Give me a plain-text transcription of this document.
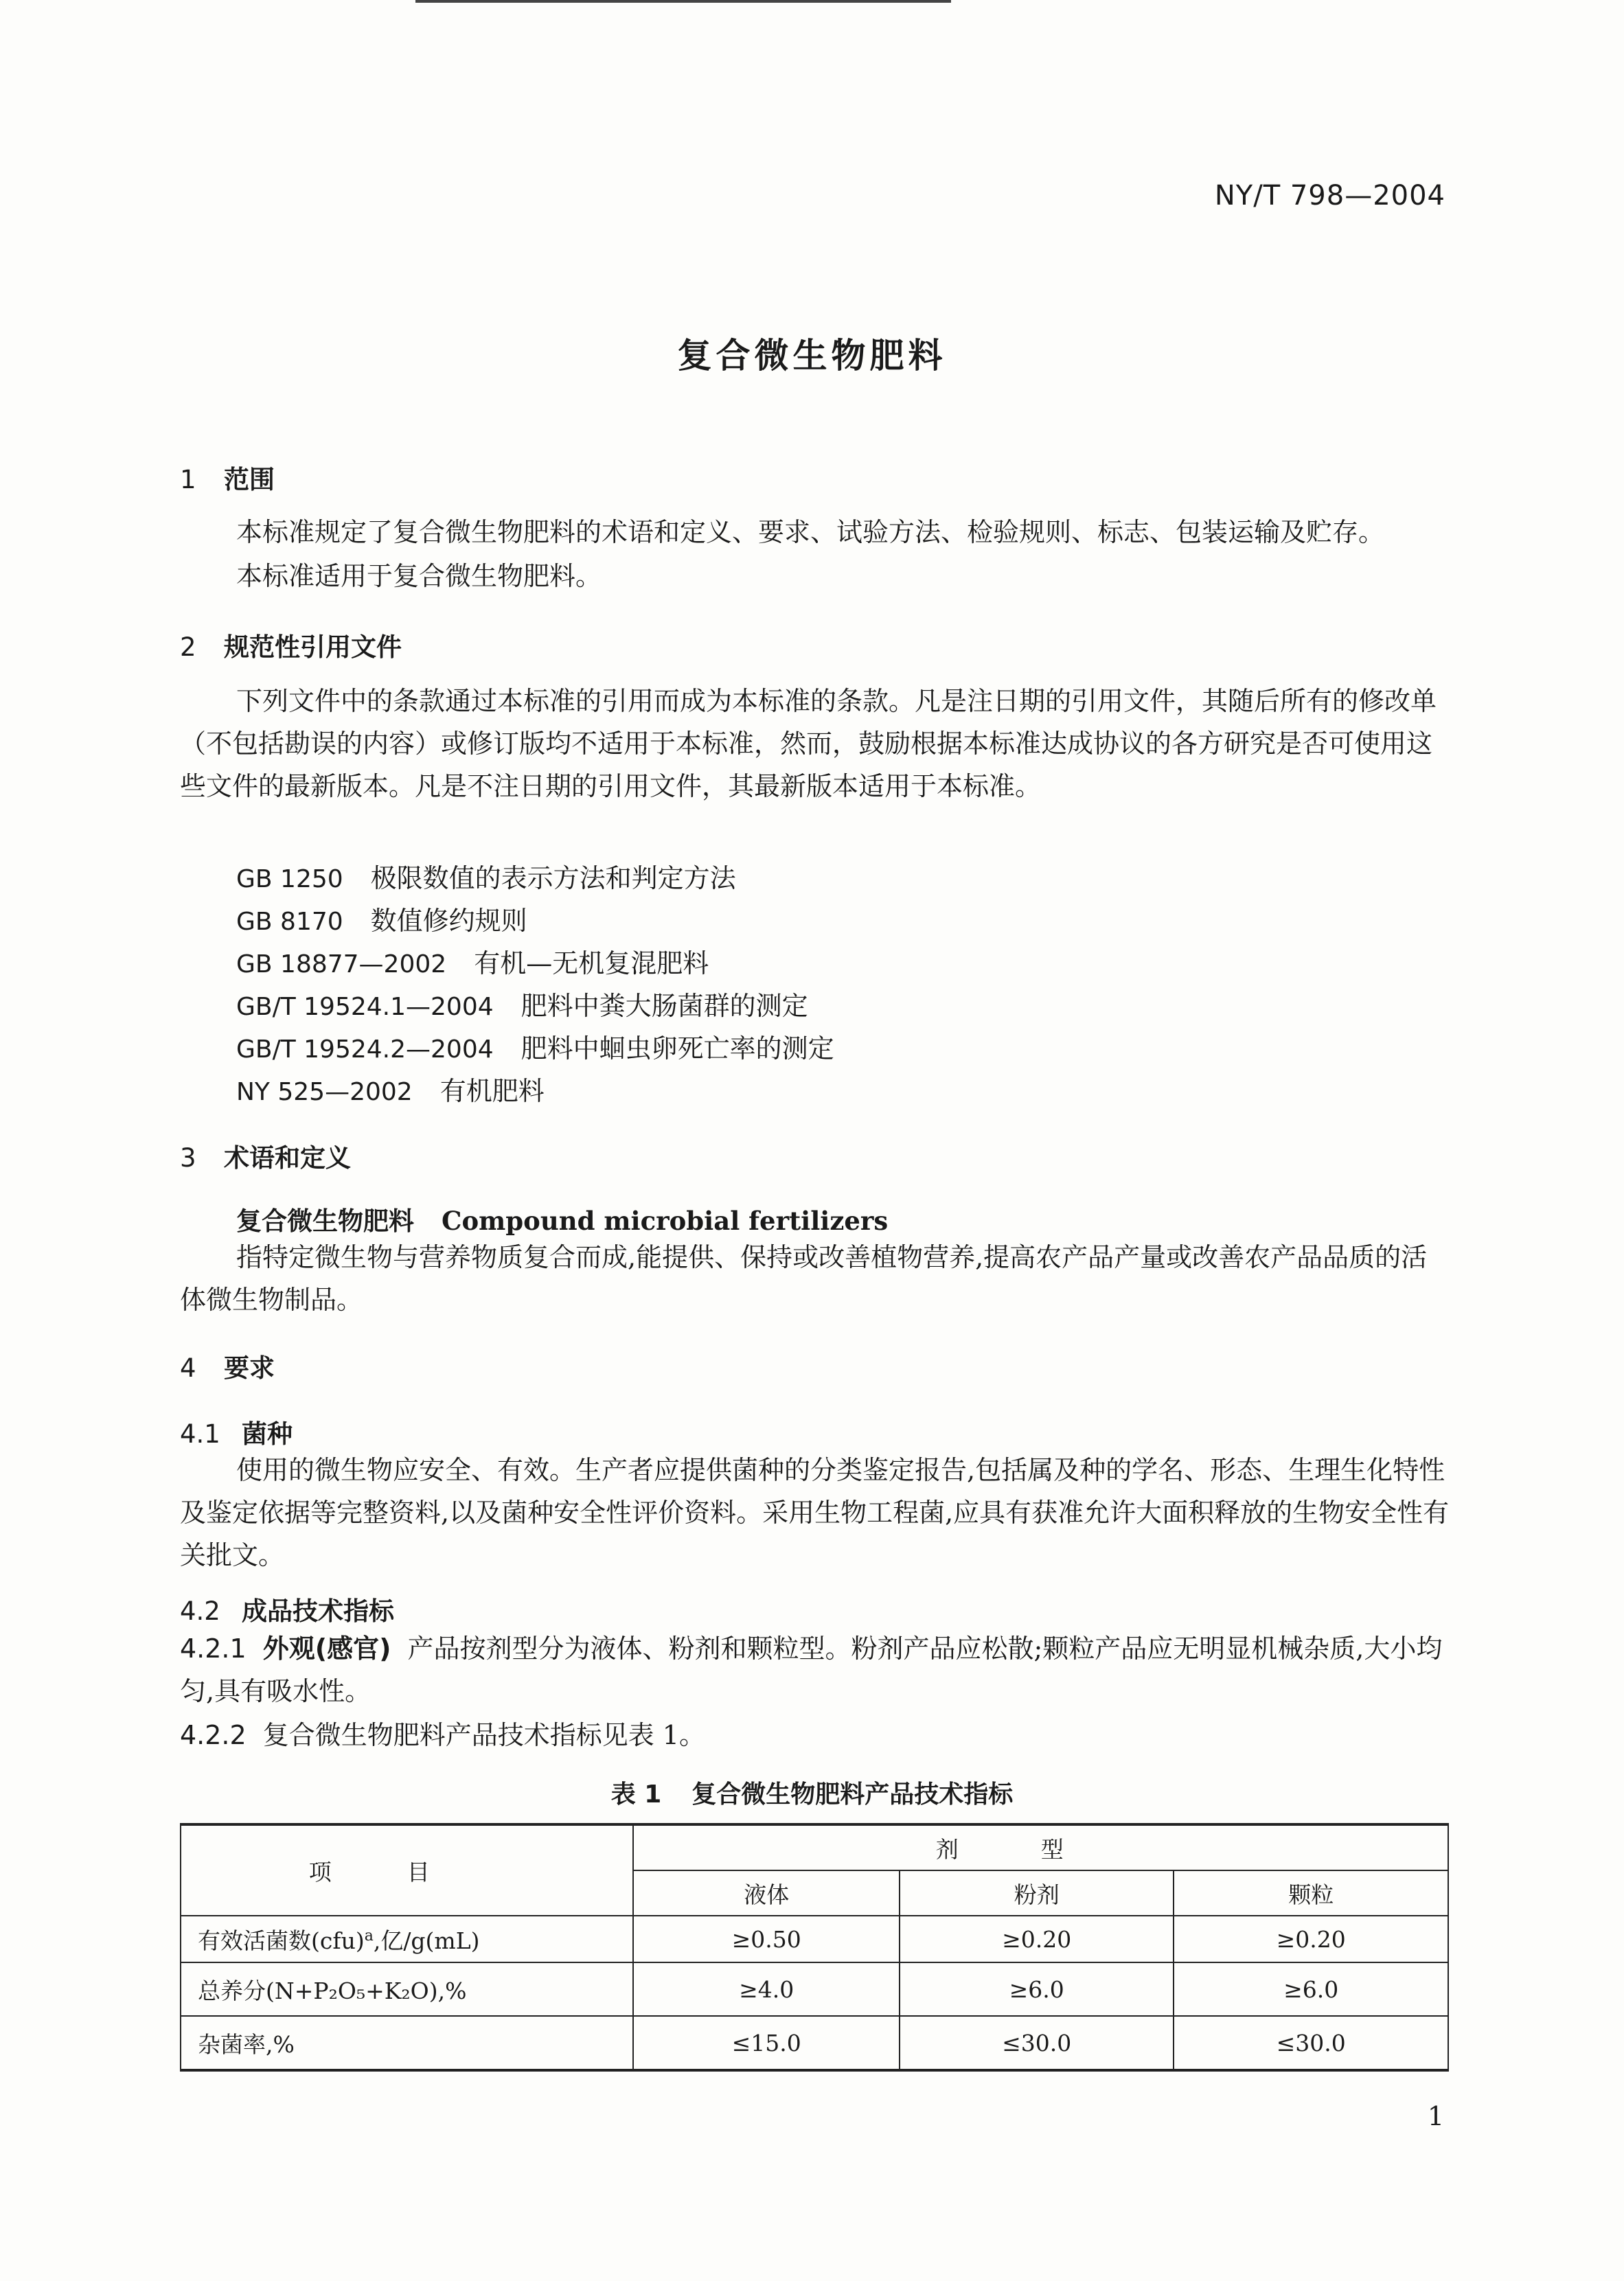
NY/T 798—2004
复合微生物肥料
1 范围
本标准规定了复合微生物肥料的术语和定义、要求、试验方法、检验规则、标志、包装运输及贮存。
本标准适用于复合微生物肥料。
2 规范性引用文件
下列文件中的条款通过本标准的引用而成为本标准的条款。凡是注日期的引用文件，其随后所有的修改单（不包括勘误的内容）或修订版均不适用于本标准，然而，鼓励根据本标准达成协议的各方研究是否可使用这些文件的最新版本。凡是不注日期的引用文件，其最新版本适用于本标准。
GB 1250 极限数值的表示方法和判定方法
GB 8170 数值修约规则
GB 18877—2002 有机—无机复混肥料
GB/T 19524.1—2004 肥料中粪大肠菌群的测定
GB/T 19524.2—2004 肥料中蛔虫卵死亡率的测定
NY 525—2002 有机肥料
3 术语和定义
复合微生物肥料 Compound microbial fertilizers
指特定微生物与营养物质复合而成,能提供、保持或改善植物营养,提高农产品产量或改善农产品品质的活体微生物制品。
4 要求
4.1 菌种
使用的微生物应安全、有效。生产者应提供菌种的分类鉴定报告,包括属及种的学名、形态、生理生化特性及鉴定依据等完整资料,以及菌种安全性评价资料。采用生物工程菌,应具有获准允许大面积释放的生物安全性有关批文。
4.2 成品技术指标
4.2.1 外观(感官) 产品按剂型分为液体、粉剂和颗粒型。粉剂产品应松散;颗粒产品应无明显机械杂质,大小均匀,具有吸水性。
4.2.2 复合微生物肥料产品技术指标见表 1。
表 1 复合微生物肥料产品技术指标
项目	剂型		
	液体	粉剂	颗粒
有效活菌数(cfu)$^a$,亿/g(mL)	≥0.50	≥0.20	≥0.20
总养分(N+P₂O₅+K₂O),%	≥4.0	≥6.0	≥6.0
杂菌率,%	≤15.0	≤30.0	≤30.0
1
